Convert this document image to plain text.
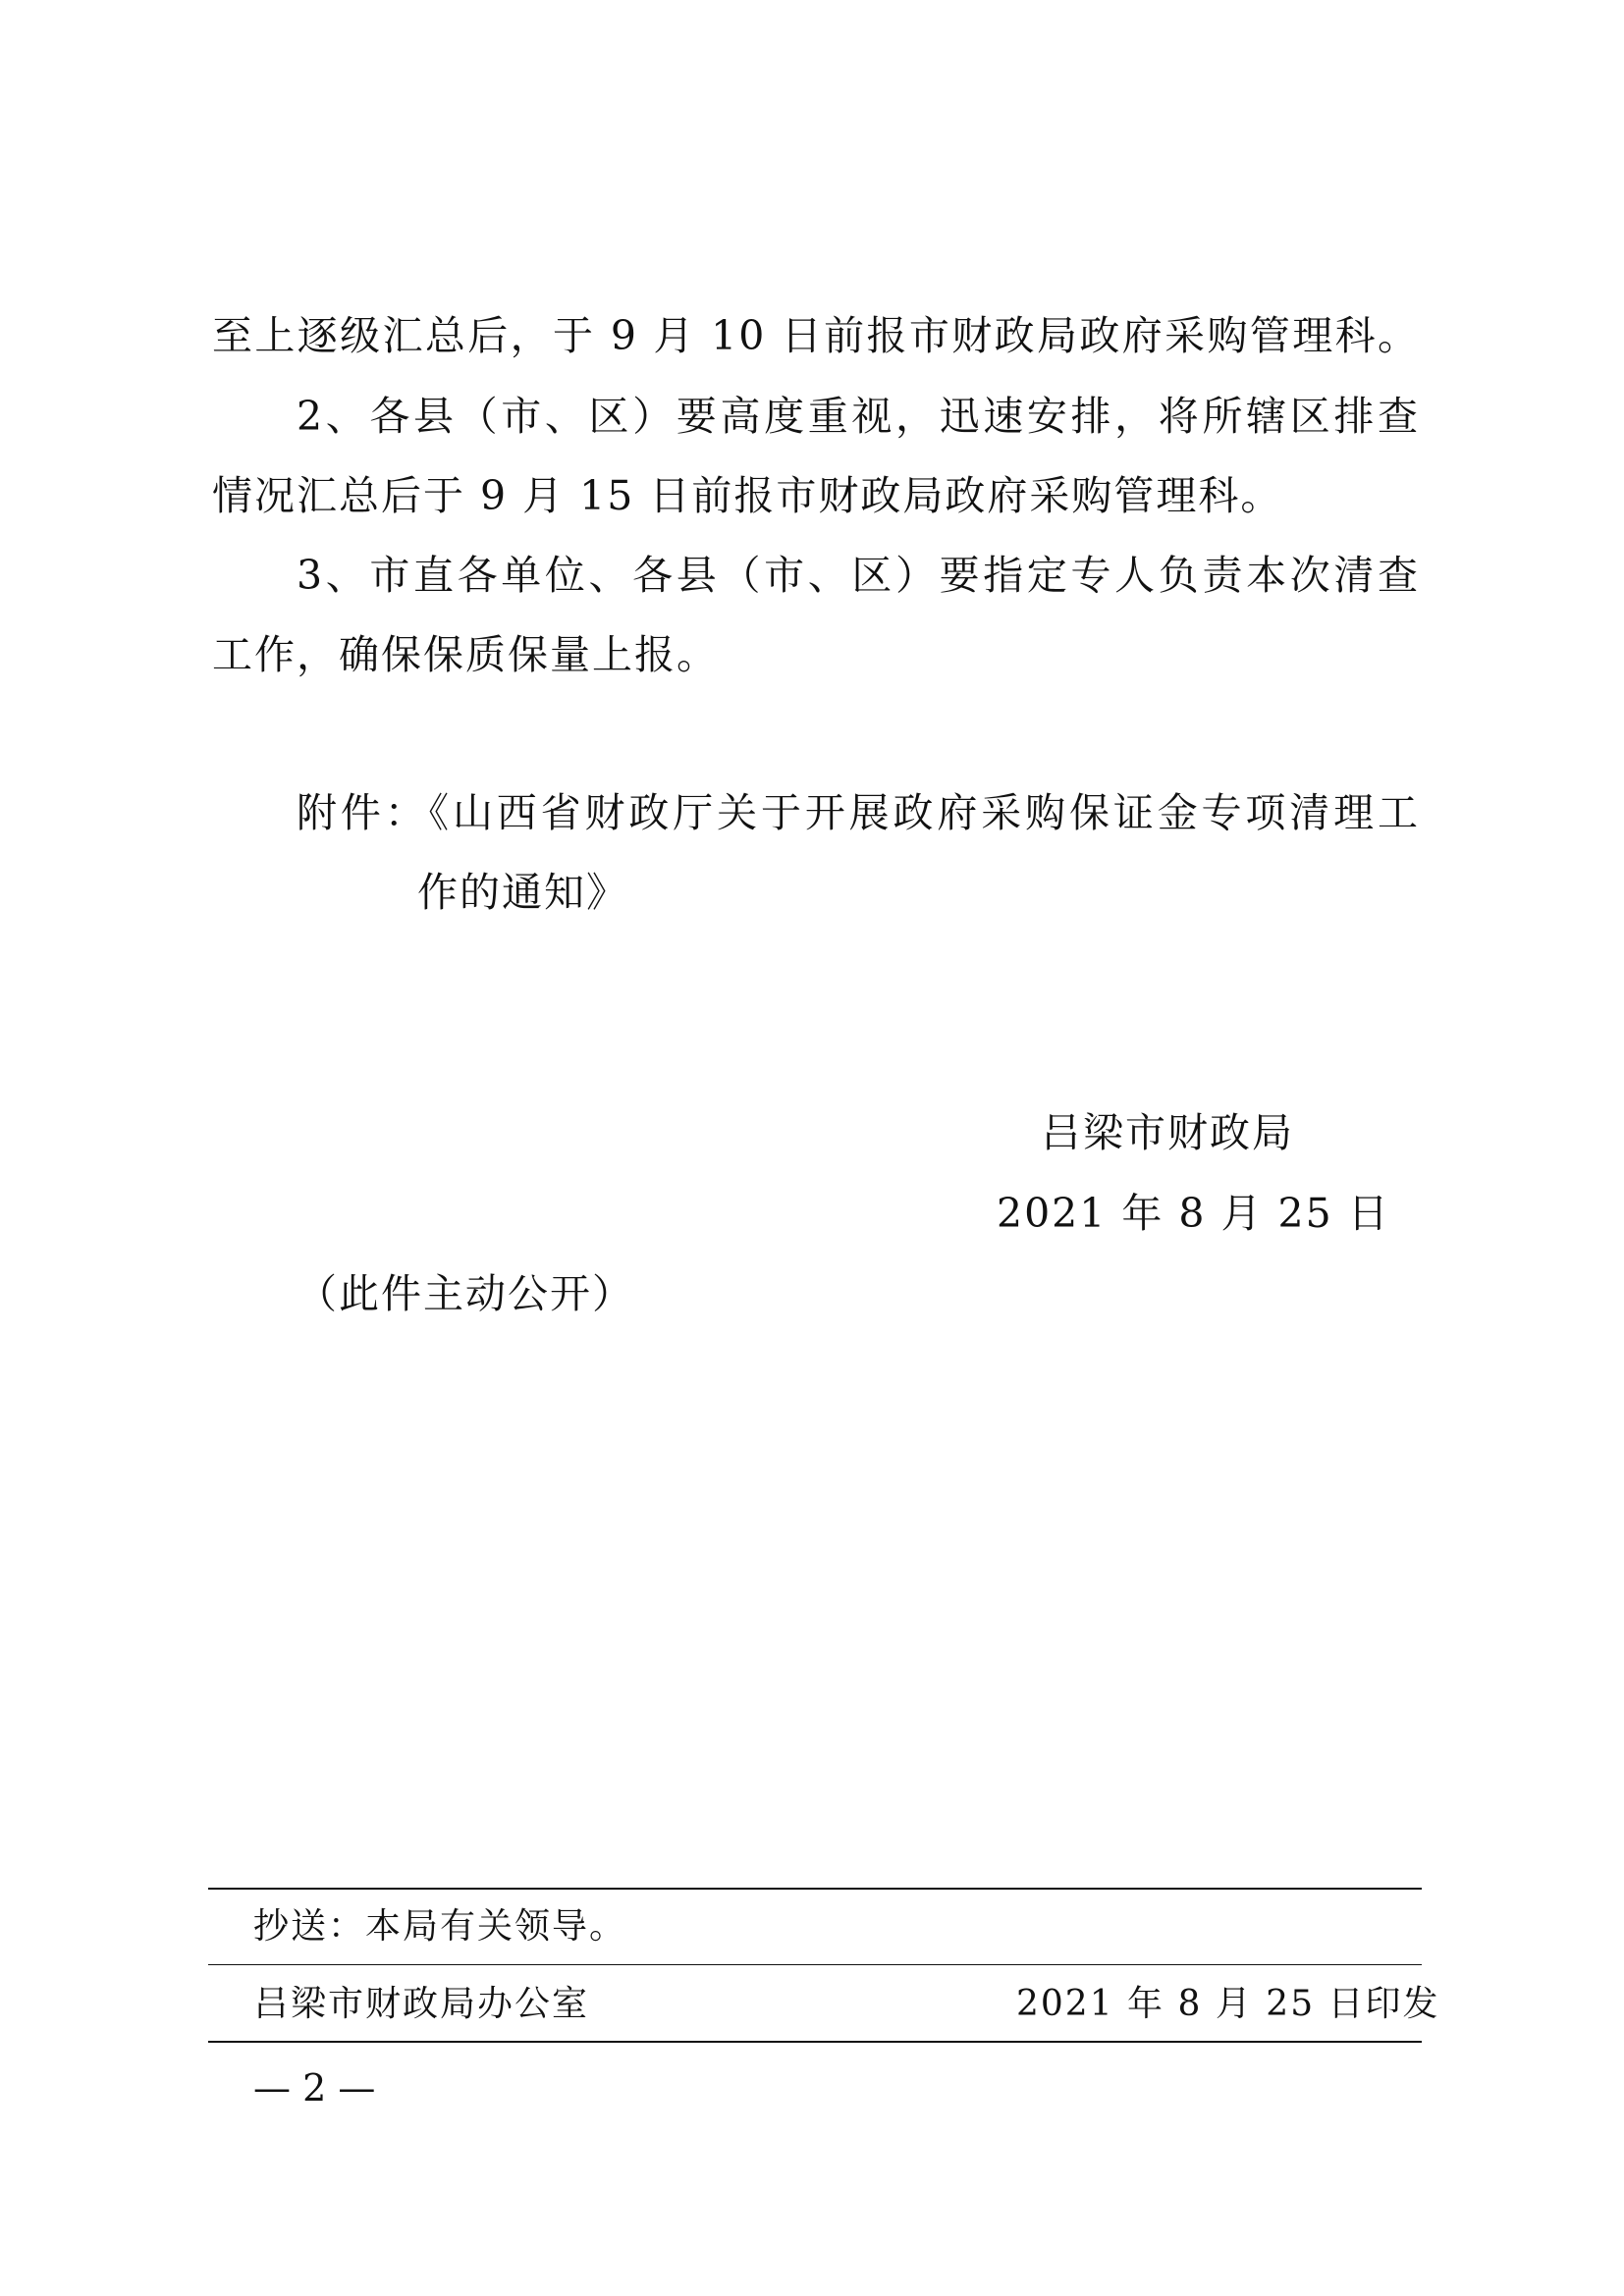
至上逐级汇总后，于 9 月 10 日前报市财政局政府采购管理科。
2、各县（市、区）要高度重视，迅速安排，将所辖区排查
情况汇总后于 9 月 15 日前报市财政局政府采购管理科。
3、市直各单位、各县（市、区）要指定专人负责本次清查
工作，确保保质保量上报。
附件：《山西省财政厅关于开展政府采购保证金专项清理工
作的通知》
吕梁市财政局
2021 年 8 月 25 日
（此件主动公开）
抄送：本局有关领导。
吕梁市财政局办公室	2021 年 8 月 25 日印发
— 2 —
